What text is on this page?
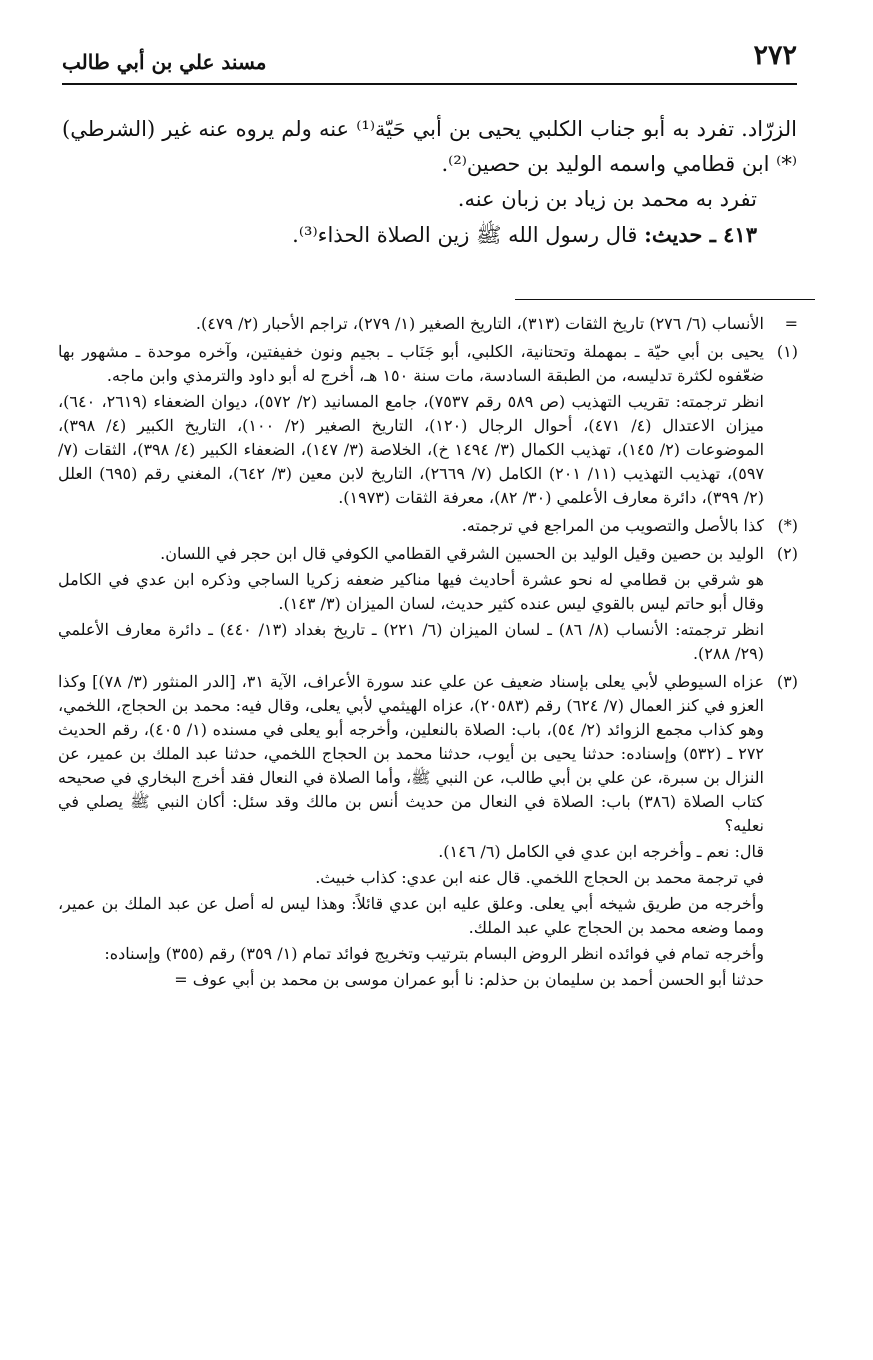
٢٧٢
مسند علي بن أبي طالب

الزرّاد. تفرد به أبو جناب الكلبي يحيى بن أبي حَيّة⁽¹⁾ عنه ولم يروه عنه غير (الشرطي)⁽*⁾ ابن قطامي واسمه الوليد بن حصين⁽²⁾.

تفرد به محمد بن زياد بن زبان عنه.

٤١٣ ـ حديث: قال رسول الله ﷺ زين الصلاة الحذاء⁽³⁾.

=

الأنساب (٦/ ٢٧٦) تاريخ الثقات (٣١٣)، التاريخ الصغير (١/ ٢٧٩)، تراجم الأحبار (٢/ ٤٧٩).

(١)

يحيى بن أبي حيّة ـ بمهملة وتحتانية، الكلبي، أبو جَنَاب ـ بجيم ونون خفيفتين، وآخره موحدة ـ مشهور بها ضعّفوه لكثرة تدليسه، من الطبقة السادسة، مات سنة ١٥٠ هـ، أخرج له أبو داود والترمذي وابن ماجه.

انظر ترجمته: تقريب التهذيب (ص ٥٨٩ رقم ٧٥٣٧)، جامع المسانيد (٢/ ٥٧٢)، ديوان الضعفاء (٢٦١٩، ٦٤٠)، ميزان الاعتدال (٤/ ٤٧١)، أحوال الرجال (١٢٠)، التاريخ الصغير (٢/ ١٠٠)، التاريخ الكبير (٤/ ٣٩٨)، الموضوعات (٢/ ١٤٥)، تهذيب الكمال (٣/ ١٤٩٤ خ)، الخلاصة (٣/ ١٤٧)، الضعفاء الكبير (٤/ ٣٩٨)، الثقات (٧/ ٥٩٧)، تهذيب التهذيب (١١/ ٢٠١) الكامل (٧/ ٢٦٦٩)، التاريخ لابن معين (٣/ ٦٤٢)، المغني رقم (٦٩٥) العلل (٢/ ٣٩٩)، دائرة معارف الأعلمي (٣٠/ ٨٢)، معرفة الثقات (١٩٧٣).

(*)

كذا بالأصل والتصويب من المراجع في ترجمته.

(٢)

الوليد بن حصين وقيل الوليد بن الحسين الشرقي القطامي الكوفي قال ابن حجر في اللسان.

هو شرقي بن قطامي له نحو عشرة أحاديث فيها مناكير ضعفه زكريا الساجي وذكره ابن عدي في الكامل وقال أبو حاتم ليس بالقوي ليس عنده كثير حديث، لسان الميزان (٣/ ١٤٣).

انظر ترجمته: الأنساب (٨/ ٨٦) ـ لسان الميزان (٦/ ٢٢١) ـ تاريخ بغداد (١٣/ ٤٤٠) ـ دائرة معارف الأعلمي (٢٩/ ٢٨٨).

(٣)

عزاه السيوطي لأبي يعلى بإسناد ضعيف عن علي عند سورة الأعراف، الآية ٣١، [الدر المنثور (٣/ ٧٨)] وكذا العزو في كنز العمال (٧/ ٦٢٤) رقم (٢٠٥٨٣)، عزاه الهيثمي لأبي يعلى، وقال فيه: محمد بن الحجاج، اللخمي، وهو كذاب مجمع الزوائد (٢/ ٥٤)، باب: الصلاة بالنعلين، وأخرجه أبو يعلى في مسنده (١/ ٤٠٥)، رقم الحديث ٢٧٢ ـ (٥٣٢) وإسناده: حدثنا يحيى بن أيوب، حدثنا محمد بن الحجاج اللخمي، حدثنا عبد الملك بن عمير، عن النزال بن سبرة، عن علي بن أبي طالب، عن النبي ﷺ، وأما الصلاة في النعال فقد أخرج البخاري في صحيحه كتاب الصلاة (٣٨٦) باب: الصلاة في النعال من حديث أنس بن مالك وقد سئل: أكان النبي ﷺ يصلي في نعليه؟

قال: نعم ـ وأخرجه ابن عدي في الكامل (٦/ ١٤٦).

في ترجمة محمد بن الحجاج اللخمي. قال عنه ابن عدي: كذاب خبيث.

وأخرجه من طريق شيخه أبي يعلى. وعلق عليه ابن عدي قائلاً: وهذا ليس له أصل عن عبد الملك بن عمير، ومما وضعه محمد بن الحجاج علي عبد الملك.

وأخرجه تمام في فوائده انظر الروض البسام بترتيب وتخريج فوائد تمام (١/ ٣٥٩) رقم (٣٥٥) وإسناده:

حدثنا أبو الحسن أحمد بن سليمان بن حذلم: نا أبو عمران موسى بن محمد بن أبي عوف =
